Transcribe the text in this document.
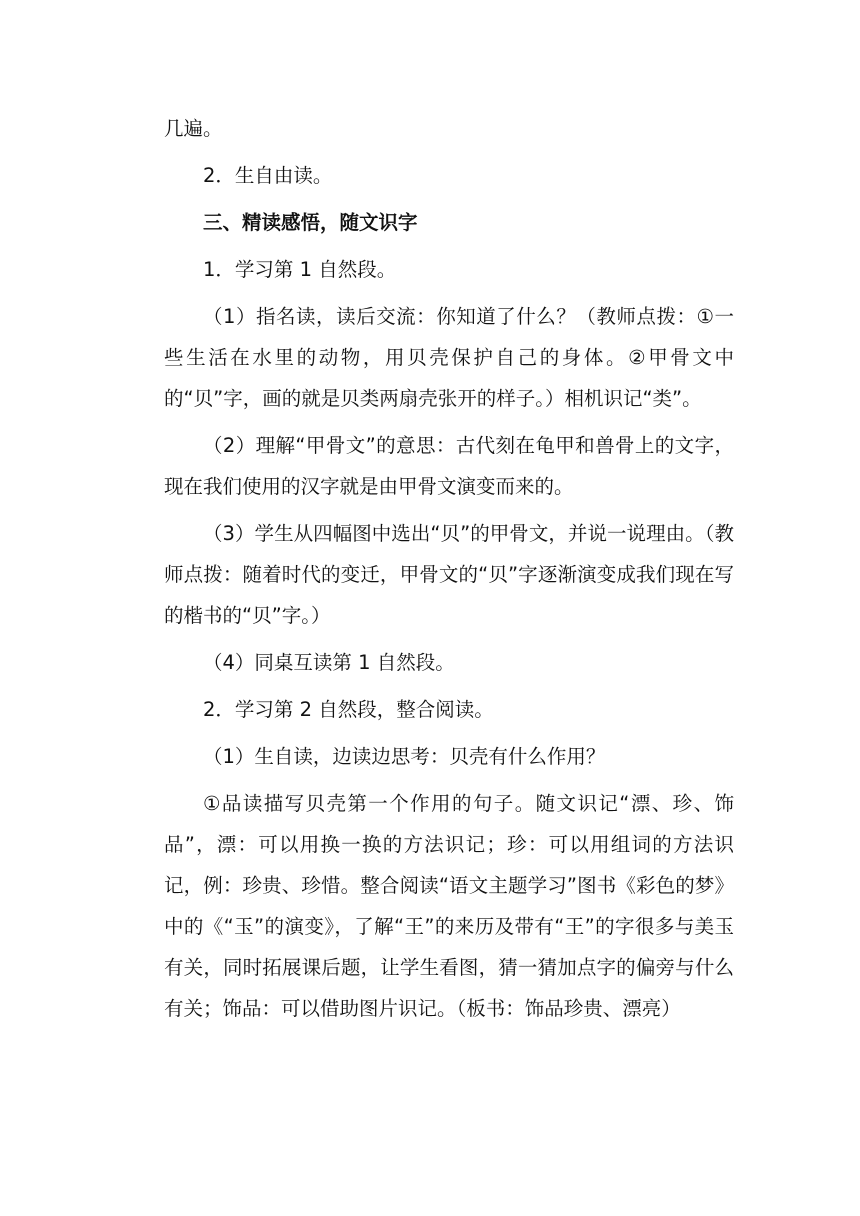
几遍。

2．生自由读。

三、精读感悟，随文识字

1．学习第 1 自然段。

（1）指名读，读后交流：你知道了什么？（教师点拨：①一些生活在水里的动物，用贝壳保护自己的身体。②甲骨文中的“贝”字，画的就是贝类两扇壳张开的样子。）相机识记“类”。

（2）理解“甲骨文”的意思：古代刻在龟甲和兽骨上的文字，现在我们使用的汉字就是由甲骨文演变而来的。

（3）学生从四幅图中选出“贝”的甲骨文，并说一说理由。（教师点拨：随着时代的变迁，甲骨文的“贝”字逐渐演变成我们现在写的楷书的“贝”字。）

（4）同桌互读第 1 自然段。

2．学习第 2 自然段，整合阅读。

（1）生自读，边读边思考：贝壳有什么作用？

①品读描写贝壳第一个作用的句子。随文识记“漂、珍、饰品”，漂：可以用换一换的方法识记；珍：可以用组词的方法识记，例：珍贵、珍惜。整合阅读“语文主题学习”图书《彩色的梦》中的《“玉”的演变》，了解“王”的来历及带有“王”的字很多与美玉有关，同时拓展课后题，让学生看图，猜一猜加点字的偏旁与什么有关；饰品：可以借助图片识记。（板书：饰品珍贵、漂亮）
